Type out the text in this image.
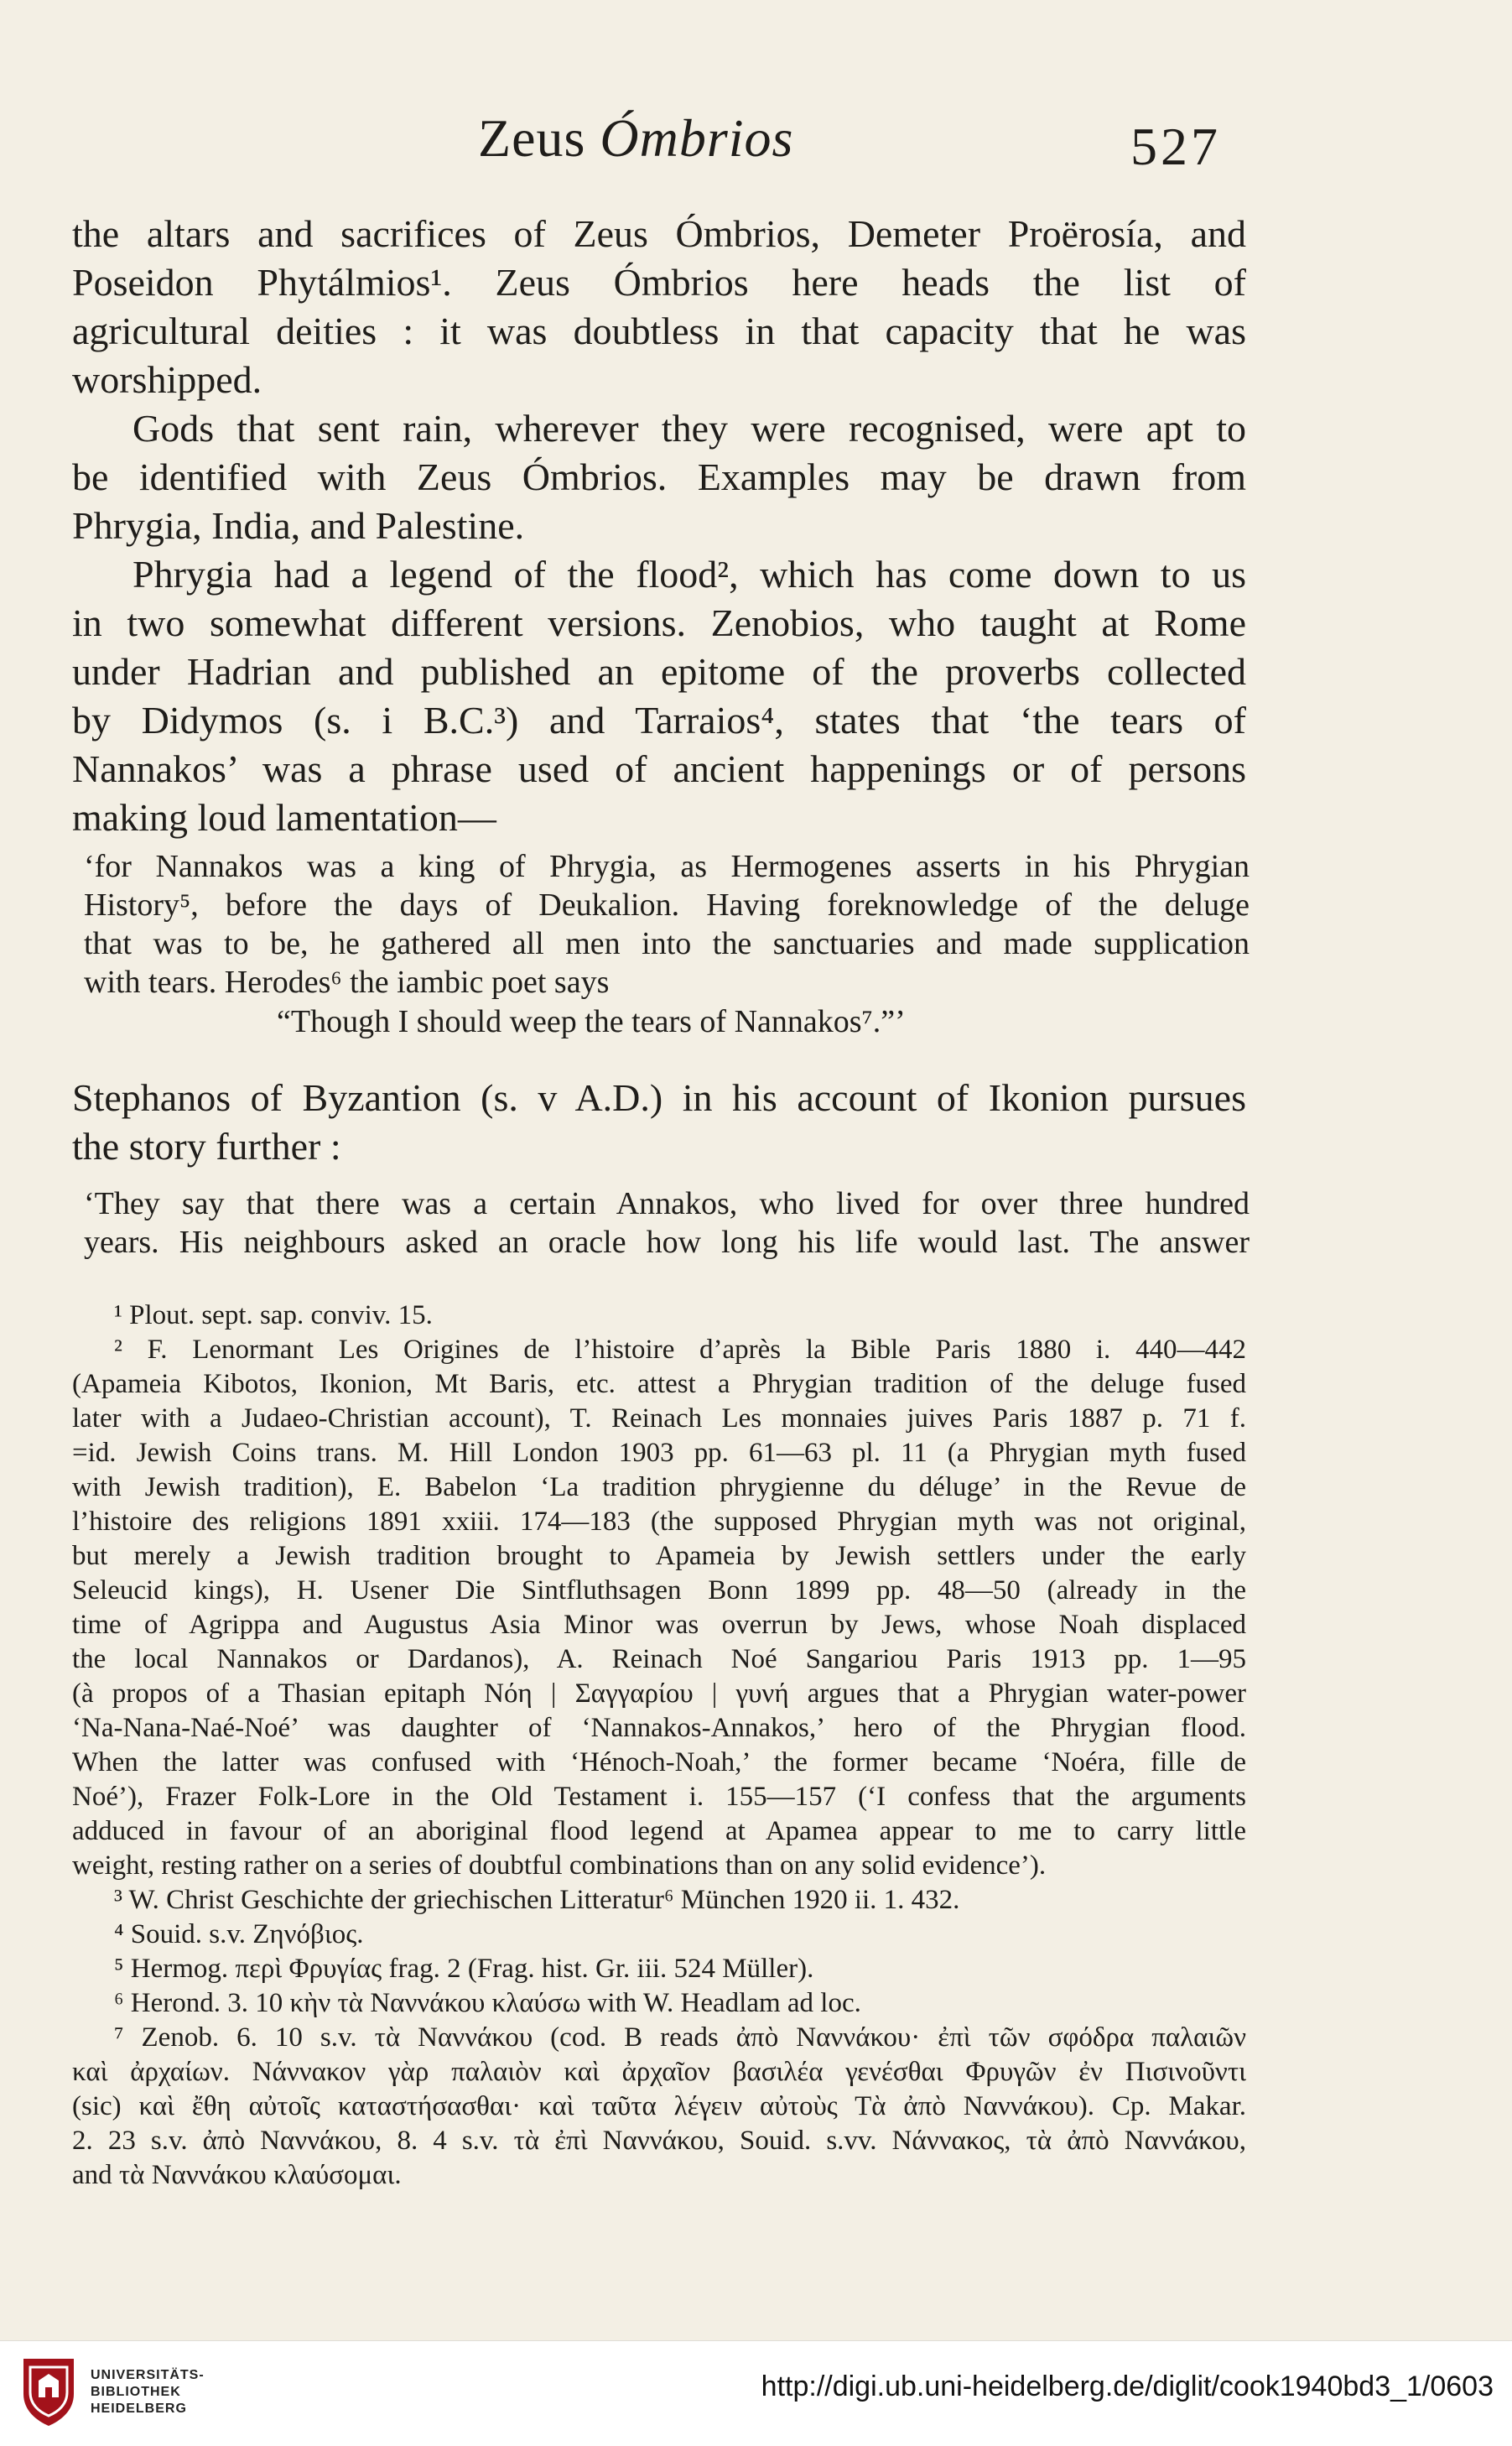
Zeus Ómbrios	527
the altars and sacrifices of Zeus Ómbrios, Demeter Proërosía, and
Poseidon Phytálmios¹. Zeus Ómbrios here heads the list of
agricultural deities : it was doubtless in that capacity that he was
worshipped.
Gods that sent rain, wherever they were recognised, were apt to
be identified with Zeus Ómbrios. Examples may be drawn from
Phrygia, India, and Palestine.
Phrygia had a legend of the flood², which has come down to us
in two somewhat different versions. Zenobios, who taught at Rome
under Hadrian and published an epitome of the proverbs collected
by Didymos (s. i B.C.³) and Tarraios⁴, states that ‘the tears of
Nannakos’ was a phrase used of ancient happenings or of persons
making loud lamentation—
‘for Nannakos was a king of Phrygia, as Hermogenes asserts in his Phrygian
History⁵, before the days of Deukalion. Having foreknowledge of the deluge
that was to be, he gathered all men into the sanctuaries and made supplication
with tears. Herodes⁶ the iambic poet says
“Though I should weep the tears of Nannakos⁷.”’
Stephanos of Byzantion (s. v A.D.) in his account of Ikonion pursues
the story further :
‘They say that there was a certain Annakos, who lived for over three hundred
years. His neighbours asked an oracle how long his life would last. The answer
¹ Plout. sept. sap. conviv. 15.
² F. Lenormant Les Origines de l’histoire d’après la Bible Paris 1880 i. 440—442
(Apameia Kibotos, Ikonion, Mt Baris, etc. attest a Phrygian tradition of the deluge fused
later with a Judaeo-Christian account), T. Reinach Les monnaies juives Paris 1887 p. 71 f.
=id. Jewish Coins trans. M. Hill London 1903 pp. 61—63 pl. 11 (a Phrygian myth fused
with Jewish tradition), E. Babelon ‘La tradition phrygienne du déluge’ in the Revue de
l’histoire des religions 1891 xxiii. 174—183 (the supposed Phrygian myth was not original,
but merely a Jewish tradition brought to Apameia by Jewish settlers under the early
Seleucid kings), H. Usener Die Sintfluthsagen Bonn 1899 pp. 48—50 (already in the
time of Agrippa and Augustus Asia Minor was overrun by Jews, whose Noah displaced
the local Nannakos or Dardanos), A. Reinach Noé Sangariou Paris 1913 pp. 1—95
(à propos of a Thasian epitaph Νόη | Σαγγαρίου | γυνή argues that a Phrygian water-power
‘Na-Nana-Naé-Noé’ was daughter of ‘Nannakos-Annakos,’ hero of the Phrygian flood.
When the latter was confused with ‘Hénoch-Noah,’ the former became ‘Noéra, fille de
Noé’), Frazer Folk-Lore in the Old Testament i. 155—157 (‘I confess that the arguments
adduced in favour of an aboriginal flood legend at Apamea appear to me to carry little
weight, resting rather on a series of doubtful combinations than on any solid evidence’).
³ W. Christ Geschichte der griechischen Litteratur⁶ München 1920 ii. 1. 432.
⁴ Souid. s.v. Ζηνόβιος.
⁵ Hermog. περὶ Φρυγίας frag. 2 (Frag. hist. Gr. iii. 524 Müller).
⁶ Herond. 3. 10 κὴν τὰ Ναννάκου κλαύσω with W. Headlam ad loc.
⁷ Zenob. 6. 10 s.v. τὰ Ναννάκου (cod. B reads ἀπὸ Ναννάκου· ἐπὶ τῶν σφόδρα παλαιῶν
καὶ ἀρχαίων. Νάννακον γὰρ παλαιὸν καὶ ἀρχαῖον βασιλέα γενέσθαι Φρυγῶν ἐν Πισινοῦντι
(sic) καὶ ἔθη αὐτοῖς καταστήσασθαι· καὶ ταῦτα λέγειν αὐτοὺς Τὰ ἀπὸ Ναννάκου). Cp. Makar.
2. 23 s.v. ἀπὸ Ναννάκου, 8. 4 s.v. τὰ ἐπὶ Ναννάκου, Souid. s.vv. Νάννακος, τὰ ἀπὸ Ναννάκου,
and τὰ Ναννάκου κλαύσομαι.
UNIVERSITÄTS-
BIBLIOTHEK
HEIDELBERG
http://digi.ub.uni-heidelberg.de/diglit/cook1940bd3_1/0603
